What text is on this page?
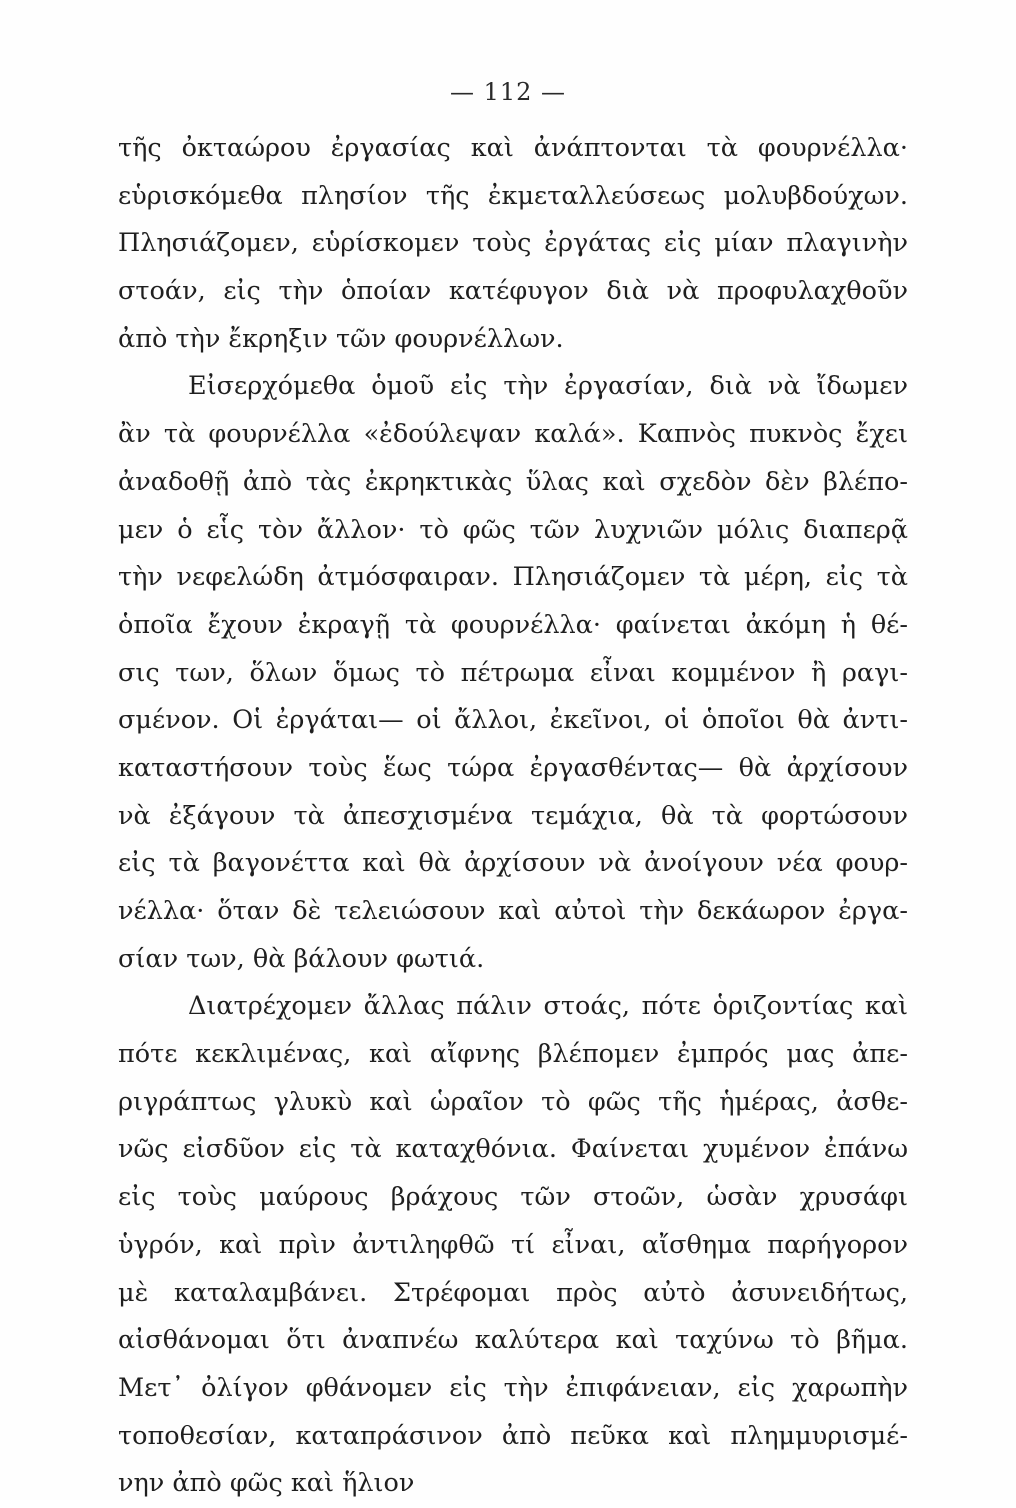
— 112 —
τῆς ὀκταώρου ἐργασίας καὶ ἀνάπτονται τὰ φουρνέλλα·
εὑρισκόμεθα πλησίον τῆς ἐκμεταλλεύσεως μολυβδούχων.
Πλησιάζομεν, εὑρίσκομεν τοὺς ἐργάτας εἰς μίαν πλαγινὴν
στοάν, εἰς τὴν ὁποίαν κατέφυγον διὰ νὰ προφυλαχθοῦν
ἀπὸ τὴν ἔκρηξιν τῶν φουρνέλλων.
Εἰσερχόμεθα ὁμοῦ εἰς τὴν ἐργασίαν, διὰ νὰ ἴδωμεν
ἂν τὰ φουρνέλλα «ἐδούλεψαν καλά». Καπνὸς πυκνὸς ἔχει
ἀναδοθῇ ἀπὸ τὰς ἐκρηκτικὰς ὕλας καὶ σχεδὸν δὲν βλέπο-
μεν ὁ εἷς τὸν ἄλλον· τὸ φῶς τῶν λυχνιῶν μόλις διαπερᾷ
τὴν νεφελώδη ἀτμόσφαιραν. Πλησιάζομεν τὰ μέρη, εἰς τὰ
ὁποῖα ἔχουν ἐκραγῇ τὰ φουρνέλλα· φαίνεται ἀκόμη ἡ θέ-
σις των, ὅλων ὅμως τὸ πέτρωμα εἶναι κομμένον ἢ ραγι-
σμένον. Οἱ ἐργάται— οἱ ἄλλοι, ἐκεῖνοι, οἱ ὁποῖοι θὰ ἀντι-
καταστήσουν τοὺς ἕως τώρα ἐργασθέντας— θὰ ἀρχίσουν
νὰ ἐξάγουν τὰ ἀπεσχισμένα τεμάχια, θὰ τὰ φορτώσουν
εἰς τὰ βαγονέττα καὶ θὰ ἀρχίσουν νὰ ἀνοίγουν νέα φουρ-
νέλλα· ὅταν δὲ τελειώσουν καὶ αὐτοὶ τὴν δεκάωρον ἐργα-
σίαν των, θὰ βάλουν φωτιά.
Διατρέχομεν ἄλλας πάλιν στοάς, πότε ὁριζοντίας καὶ
πότε κεκλιμένας, καὶ αἴφνης βλέπομεν ἐμπρός μας ἀπε-
ριγράπτως γλυκὺ καὶ ὡραῖον τὸ φῶς τῆς ἡμέρας, ἀσθε-
νῶς εἰσδῦον εἰς τὰ καταχθόνια. Φαίνεται χυμένον ἐπάνω
εἰς τοὺς μαύρους βράχους τῶν στοῶν, ὡσὰν χρυσάφι
ὑγρόν, καὶ πρὶν ἀντιληφθῶ τί εἶναι, αἴσθημα παρήγορον
μὲ καταλαμβάνει. Στρέφομαι πρὸς αὐτὸ ἀσυνειδήτως,
αἰσθάνομαι ὅτι ἀναπνέω καλύτερα καὶ ταχύνω τὸ βῆμα.
Μετ᾽ ὀλίγον φθάνομεν εἰς τὴν ἐπιφάνειαν, εἰς χαρωπὴν
τοποθεσίαν, καταπράσινον ἀπὸ πεῦκα καὶ πλημμυρισμέ-
νην ἀπὸ φῶς καὶ ἥλιον
